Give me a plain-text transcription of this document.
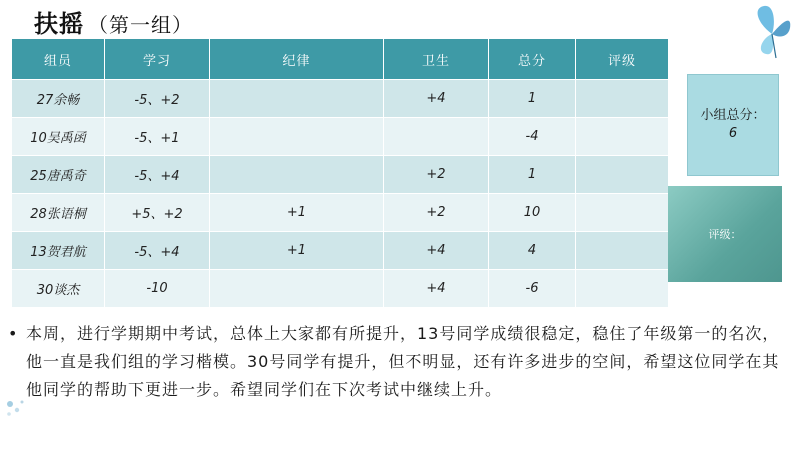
扶摇 （第一组）
组员	学习	纪律	卫生	总分	评级
27余畅	-5、+2		+4	1	
10吴禹函	-5、+1			-4	
25唐禹奇	-5、+4		+2	1	
28张语桐	+5、+2	+1	+2	10	
13贺君航	-5、+4	+1	+4	4	
30谈杰	-10		+4	-6	
小组总分：
6
评级：
• 本周，进行学期期中考试，总体上大家都有所提升，13号同学成绩很稳定，稳住了年级第一的名次，他一直是我们组的学习楷模。30号同学有提升，但不明显，还有许多进步的空间，希望这位同学在其他同学的帮助下更进一步。希望同学们在下次考试中继续上升。
